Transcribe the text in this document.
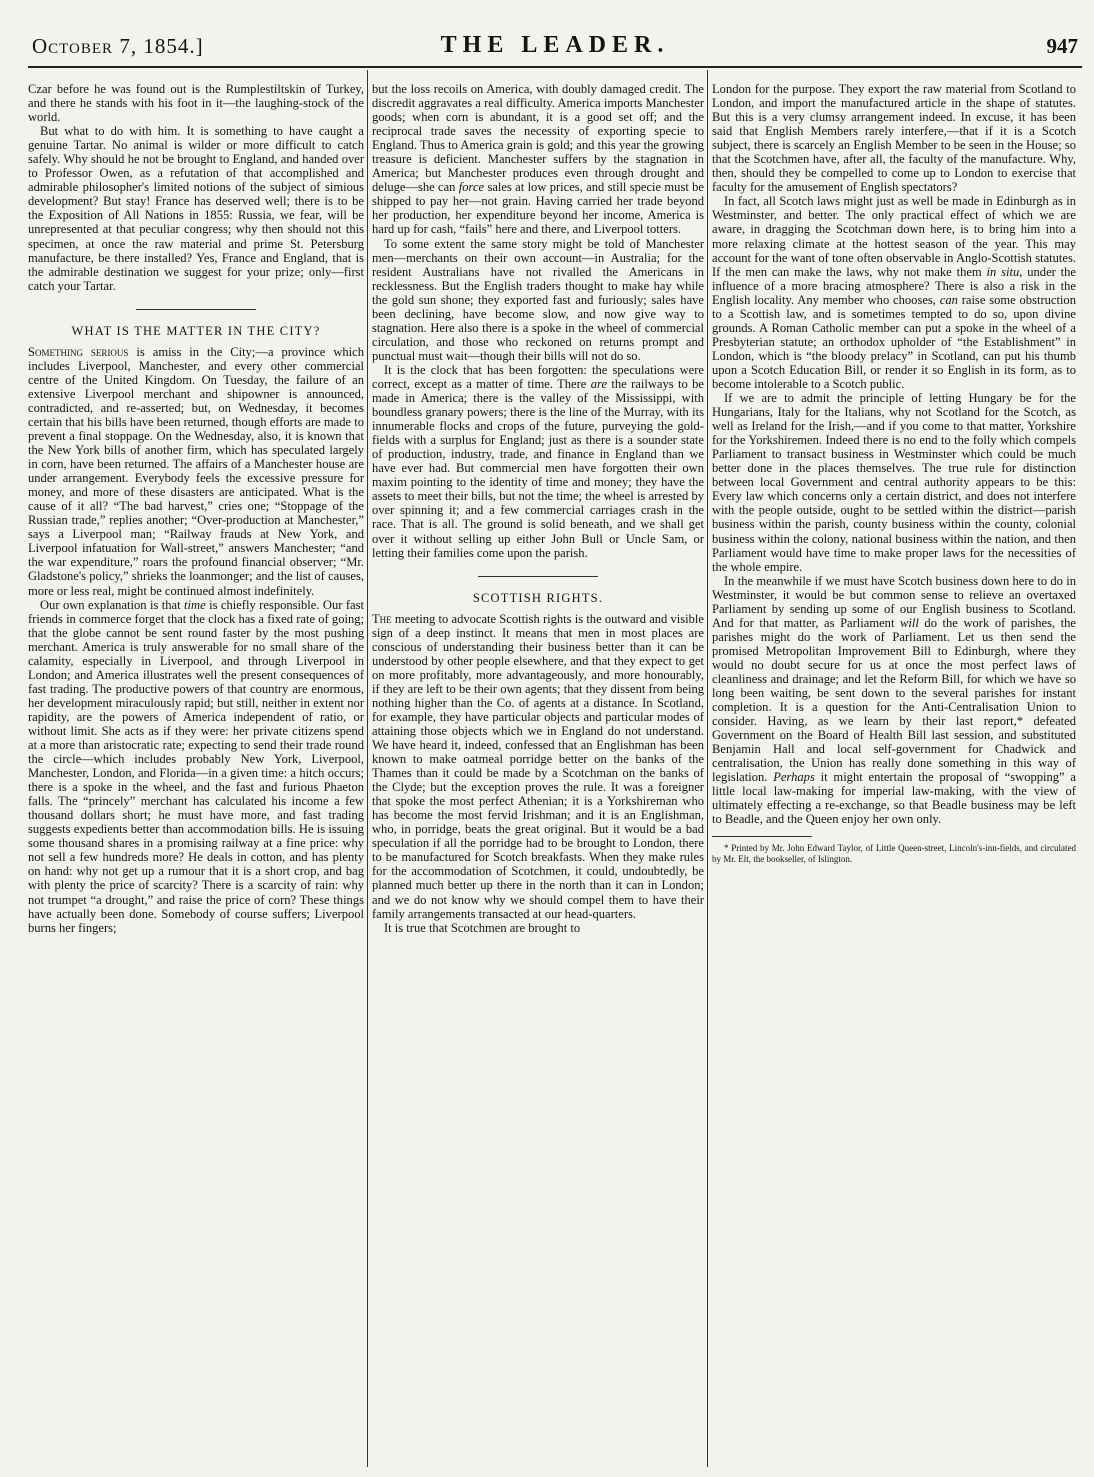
October 7, 1854.]	THE LEADER.	947

Czar before he was found out is the Rumplestiltskin of Turkey, and there he stands with his foot in it—the laughing-stock of the world.

But what to do with him. It is something to have caught a genuine Tartar. No animal is wilder or more difficult to catch safely. Why should he not be brought to England, and handed over to Professor Owen, as a refutation of that accomplished and admirable philosopher's limited notions of the subject of simious development? But stay! France has deserved well; there is to be the Exposition of All Nations in 1855: Russia, we fear, will be unrepresented at that peculiar congress; why then should not this specimen, at once the raw material and prime St. Petersburg manufacture, be there installed? Yes, France and England, that is the admirable destination we suggest for your prize; only—first catch your Tartar.

WHAT IS THE MATTER IN THE CITY?

Something serious is amiss in the City;—a province which includes Liverpool, Manchester, and every other commercial centre of the United Kingdom. On Tuesday, the failure of an extensive Liverpool merchant and shipowner is announced, contradicted, and re-asserted; but, on Wednesday, it becomes certain that his bills have been returned, though efforts are made to prevent a final stoppage. On the Wednesday, also, it is known that the New York bills of another firm, which has speculated largely in corn, have been returned. The affairs of a Manchester house are under arrangement. Everybody feels the excessive pressure for money, and more of these disasters are anticipated. What is the cause of it all? “The bad harvest,” cries one; “Stoppage of the Russian trade,” replies another; “Over-production at Manchester,” says a Liverpool man; “Railway frauds at New York, and Liverpool infatuation for Wall-street,” answers Manchester; “and the war expenditure,” roars the profound financial observer; “Mr. Gladstone's policy,” shrieks the loanmonger; and the list of causes, more or less real, might be continued almost indefinitely.

Our own explanation is that time is chiefly responsible. Our fast friends in commerce forget that the clock has a fixed rate of going; that the globe cannot be sent round faster by the most pushing merchant. America is truly answerable for no small share of the calamity, especially in Liverpool, and through Liverpool in London; and America illustrates well the present consequences of fast trading. The productive powers of that country are enormous, her development miraculously rapid; but still, neither in extent nor rapidity, are the powers of America independent of ratio, or without limit. She acts as if they were: her private citizens spend at a more than aristocratic rate; expecting to send their trade round the circle—which includes probably New York, Liverpool, Manchester, London, and Florida—in a given time: a hitch occurs; there is a spoke in the wheel, and the fast and furious Phaeton falls. The “princely” merchant has calculated his income a few thousand dollars short; he must have more, and fast trading suggests expedients better than accommodation bills. He is issuing some thousand shares in a promising railway at a fine price: why not sell a few hundreds more? He deals in cotton, and has plenty on hand: why not get up a rumour that it is a short crop, and bag with plenty the price of scarcity? There is a scarcity of rain: why not trumpet “a drought,” and raise the price of corn? These things have actually been done. Somebody of course suffers; Liverpool burns her fingers;

but the loss recoils on America, with doubly damaged credit. The discredit aggravates a real difficulty. America imports Manchester goods; when corn is abundant, it is a good set off; and the reciprocal trade saves the necessity of exporting specie to England. Thus to America grain is gold; and this year the growing treasure is deficient. Manchester suffers by the stagnation in America; but Manchester produces even through drought and deluge—she can force sales at low prices, and still specie must be shipped to pay her—not grain. Having carried her trade beyond her production, her expenditure beyond her income, America is hard up for cash, “fails” here and there, and Liverpool totters.

To some extent the same story might be told of Manchester men—merchants on their own account—in Australia; for the resident Australians have not rivalled the Americans in recklessness. But the English traders thought to make hay while the gold sun shone; they exported fast and furiously; sales have been declining, have become slow, and now give way to stagnation. Here also there is a spoke in the wheel of commercial circulation, and those who reckoned on returns prompt and punctual must wait—though their bills will not do so.

It is the clock that has been forgotten: the speculations were correct, except as a matter of time. There are the railways to be made in America; there is the valley of the Mississippi, with boundless granary powers; there is the line of the Murray, with its innumerable flocks and crops of the future, purveying the gold-fields with a surplus for England; just as there is a sounder state of production, industry, trade, and finance in England than we have ever had. But commercial men have forgotten their own maxim pointing to the identity of time and money; they have the assets to meet their bills, but not the time; the wheel is arrested by over spinning it; and a few commercial carriages crash in the race. That is all. The ground is solid beneath, and we shall get over it without selling up either John Bull or Uncle Sam, or letting their families come upon the parish.

SCOTTISH RIGHTS.

The meeting to advocate Scottish rights is the outward and visible sign of a deep instinct. It means that men in most places are conscious of understanding their business better than it can be understood by other people elsewhere, and that they expect to get on more profitably, more advantageously, and more honourably, if they are left to be their own agents; that they dissent from being nothing higher than the Co. of agents at a distance. In Scotland, for example, they have particular objects and particular modes of attaining those objects which we in England do not understand. We have heard it, indeed, confessed that an Englishman has been known to make oatmeal porridge better on the banks of the Thames than it could be made by a Scotchman on the banks of the Clyde; but the exception proves the rule. It was a foreigner that spoke the most perfect Athenian; it is a Yorkshireman who has become the most fervid Irishman; and it is an Englishman, who, in porridge, beats the great original. But it would be a bad speculation if all the porridge had to be brought to London, there to be manufactured for Scotch breakfasts. When they make rules for the accommodation of Scotchmen, it could, undoubtedly, be planned much better up there in the north than it can in London; and we do not know why we should compel them to have their family arrangements transacted at our head-quarters.

It is true that Scotchmen are brought to

London for the purpose. They export the raw material from Scotland to London, and import the manufactured article in the shape of statutes. But this is a very clumsy arrangement indeed. In excuse, it has been said that English Members rarely interfere,—that if it is a Scotch subject, there is scarcely an English Member to be seen in the House; so that the Scotchmen have, after all, the faculty of the manufacture. Why, then, should they be compelled to come up to London to exercise that faculty for the amusement of English spectators?

In fact, all Scotch laws might just as well be made in Edinburgh as in Westminster, and better. The only practical effect of which we are aware, in dragging the Scotchman down here, is to bring him into a more relaxing climate at the hottest season of the year. This may account for the want of tone often observable in Anglo-Scottish statutes. If the men can make the laws, why not make them in situ, under the influence of a more bracing atmosphere? There is also a risk in the English locality. Any member who chooses, can raise some obstruction to a Scottish law, and is sometimes tempted to do so, upon divine grounds. A Roman Catholic member can put a spoke in the wheel of a Presbyterian statute; an orthodox upholder of “the Establishment” in London, which is “the bloody prelacy” in Scotland, can put his thumb upon a Scotch Education Bill, or render it so English in its form, as to become intolerable to a Scotch public.

If we are to admit the principle of letting Hungary be for the Hungarians, Italy for the Italians, why not Scotland for the Scotch, as well as Ireland for the Irish,—and if you come to that matter, Yorkshire for the Yorkshiremen. Indeed there is no end to the folly which compels Parliament to transact business in Westminster which could be much better done in the places themselves. The true rule for distinction between local Government and central authority appears to be this: Every law which concerns only a certain district, and does not interfere with the people outside, ought to be settled within the district—parish business within the parish, county business within the county, colonial business within the colony, national business within the nation, and then Parliament would have time to make proper laws for the necessities of the whole empire.

In the meanwhile if we must have Scotch business down here to do in Westminster, it would be but common sense to relieve an overtaxed Parliament by sending up some of our English business to Scotland. And for that matter, as Parliament will do the work of parishes, the parishes might do the work of Parliament. Let us then send the promised Metropolitan Improvement Bill to Edinburgh, where they would no doubt secure for us at once the most perfect laws of cleanliness and drainage; and let the Reform Bill, for which we have so long been waiting, be sent down to the several parishes for instant completion. It is a question for the Anti-Centralisation Union to consider. Having, as we learn by their last report,* defeated Government on the Board of Health Bill last session, and substituted Benjamin Hall and local self-government for Chadwick and centralisation, the Union has really done something in this way of legislation. Perhaps it might entertain the proposal of “swopping” a little local law-making for imperial law-making, with the view of ultimately effecting a re-exchange, so that Beadle business may be left to Beadle, and the Queen enjoy her own only.

* Printed by Mr. John Edward Taylor, of Little Queen-street, Lincoln's-inn-fields, and circulated by Mr. Elt, the bookseller, of Islington.
